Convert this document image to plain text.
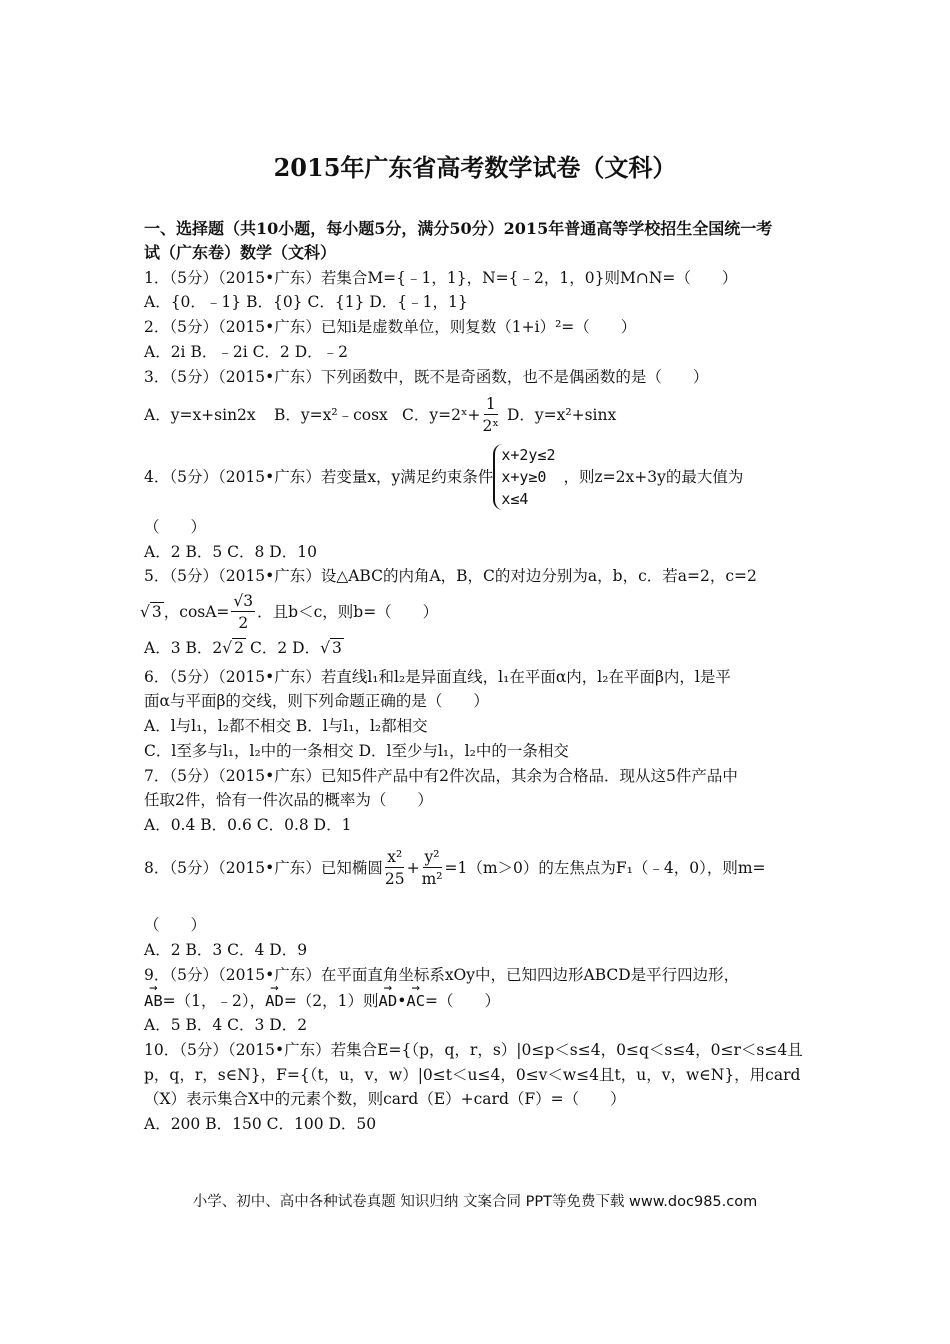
2015年广东省高考数学试卷（文科）
一、选择题（共10小题，每小题5分，满分50分）2015年普通高等学校招生全国统一考
试（广东卷）数学（文科）
1．（5分）（2015•广东）若集合M={﹣1，1}，N={﹣2，1，0}则M∩N=（　　）
A．{0．﹣1} B．{0} C．{1} D．{﹣1，1}
2．（5分）（2015•广东）已知i是虚数单位，则复数（1+i）²=（　　）
A．2i B．﹣2i C．2 D．﹣2
3．（5分）（2015•广东）下列函数中，既不是奇函数，也不是偶函数的是（　　）
A．y=x+sin2x	B．y=x²﹣cosx C．y=2ˣ+ $\frac{1}{\text{2ˣ}}$ D．y=x²+sinx
4．（5分）（2015•广东）若变量x，y满足约束条件
x+2y≤2
x+y≥0
x≤4
，则z=2x+3y的最大值为
（　　）
A．2 B．5 C．8 D．10
5．（5分）（2015•广东）设△ABC的内角A，B，C的对边分别为a，b，c．若a=2，c=2
√ 3 ，$\cos A= \frac{√3}{2}$ ．且b＜c，则b=（　　）
A．3 B．2 √ 2 C．2 D． √ 3
6．（5分）（2015•广东）若直线l₁和l₂是异面直线，l₁在平面α内，l₂在平面β内，l是平
面α与平面β的交线，则下列命题正确的是（　　）
A．l与l₁，l₂都不相交 B．l与l₁，l₂都相交
C．l至多与l₁，l₂中的一条相交 D．l至少与l₁，l₂中的一条相交
7．（5分）（2015•广东）已知5件产品中有2件次品，其余为合格品．现从这5件产品中
任取2件，恰有一件次品的概率为（　　）
A．0.4 B．0.6 C．0.8 D．1
8．（5分）（2015•广东）已知椭圆 $\frac{\text{x²}}{25} + \frac{\text{y²}}{\text{m²}} =1(m>0)$的左焦点为F₁（﹣4，0），则m=
（　　）
A．2 B．3 C．4 D．9
9．（5分）（2015•广东）在平面直角坐标系xOy中，已知四边形ABCD是平行四边形，
→ AB=（1，﹣2），→ AD=（2，1）则→ AD•→ AC=（　　）
A．5 B．4 C．3 D．2
10．（5分）（2015•广东）若集合E={（p，q，r，s）|0≤p＜s≤4，0≤q＜s≤4，0≤r＜s≤4且
p，q，r，s∈N}，F={（t，u，v，w）|0≤t＜u≤4，0≤v＜w≤4且t，u，v，w∈N}，用card
（X）表示集合X中的元素个数，则card（E）+card（F）=（　　）
A．200 B．150 C．100 D．50
小学、初中、高中各种试卷真题 知识归纳 文案合同 PPT等免费下载 www.doc985.com
